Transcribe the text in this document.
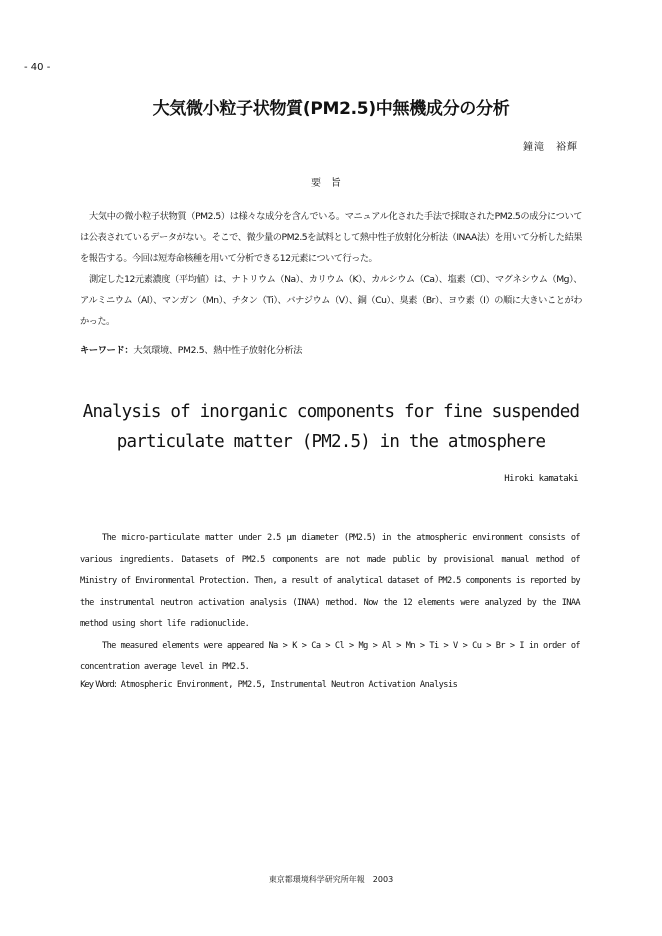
- 40 -
大気微小粒子状物質(PM2.5)中無機成分の分析
鐘滝　裕輝
要旨

大気中の微小粒子状物質（PM2.5）は様々な成分を含んでいる。マニュアル化された手法で採取されたPM2.5の成分については公表されているデータがない。そこで、微少量のPM2.5を試料として熱中性子放射化分析法（INAA法）を用いて分析した結果を報告する。今回は短寿命核種を用いて分析できる12元素について行った。

測定した12元素濃度（平均値）は、ナトリウム（Na）、カリウム（K）、カルシウム（Ca）、塩素（Cl）、マグネシウム（Mg）、アルミニウム（Al）、マンガン（Mn）、チタン（Ti）、バナジウム（V）、銅（Cu）、臭素（Br）、ヨウ素（I）の順に大きいことがわかった。

キーワード：大気環境、PM2.5、熱中性子放射化分析法
Analysis of inorganic components for fine suspended
particulate matter (PM2.5) in the atmosphere
Hiroki kamataki

The micro-particulate matter under 2.5 μm diameter (PM2.5) in the atmospheric environment consists of various ingredients. Datasets of PM2.5 components are not made public by provisional manual method of Ministry of Environmental Protection. Then, a result of analytical dataset of PM2.5 components is reported by the instrumental neutron activation analysis (INAA) method. Now the 12 elements were analyzed by the INAA method using short life radionuclide.

The measured elements were appeared Na > K > Ca > Cl > Mg > Al > Mn > Ti > V > Cu > Br > I in order of concentration average level in PM2.5.

Key Word: Atmospheric Environment, PM2.5, Instrumental Neutron Activation Analysis
東京都環境科学研究所年報　2003
